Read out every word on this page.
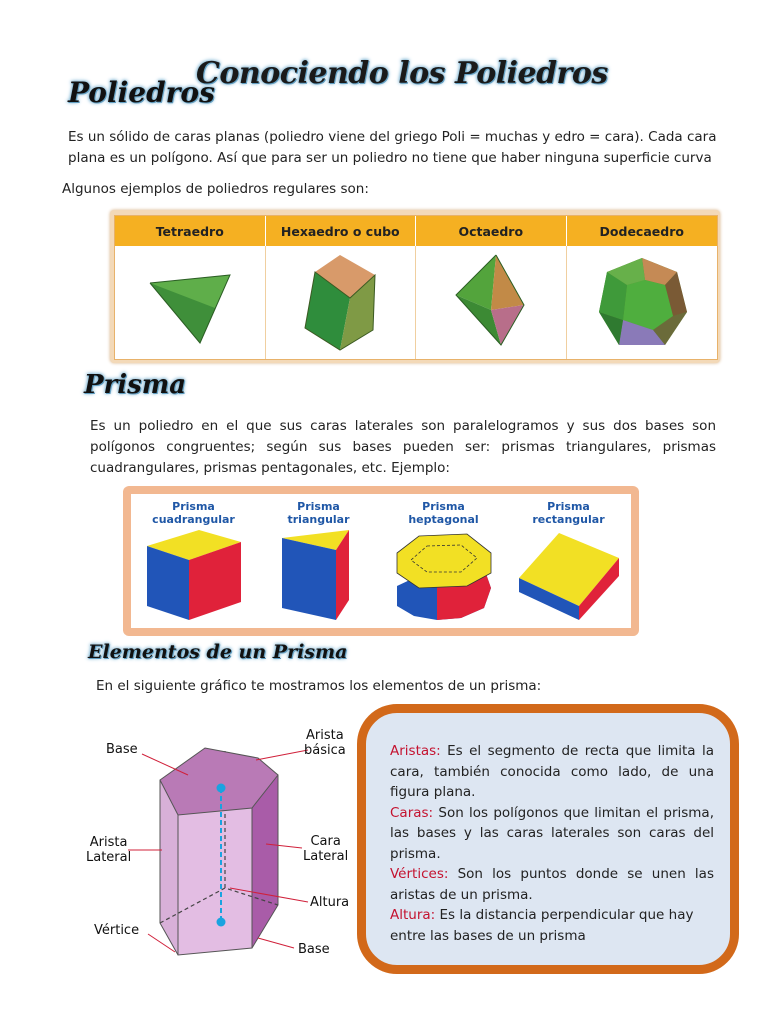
Conociendo los Poliedros
Poliedros
Es un sólido de caras planas (poliedro viene del griego Poli = muchas y edro = cara). Cada cara plana es un polígono. Así que para ser un poliedro no tiene que haber ninguna superficie curva
Algunos ejemplos de poliedros regulares son:
Tetraedro	Hexaedro o cubo	Octaedro	Dodecaedro
Prisma
Es un poliedro en el que sus caras laterales son paralelogramos y sus dos bases son polígonos congruentes; según sus bases pueden ser: prismas triangulares, prismas cuadrangulares, prismas pentagonales, etc. Ejemplo:
Prisma
cuadrangular
Prisma
triangular
Prisma
heptagonal
Prisma
rectangular
Elementos de un Prisma
En el siguiente gráfico te mostramos los elementos de un prisma:
Base
Arista
básica
Arista
Lateral
Cara
Lateral
Altura
Vértice
Base
Aristas: Es el segmento de recta que limita la cara, también conocida como lado, de una figura plana.
Caras: Son los polígonos que limitan el prisma, las bases y las caras laterales son caras del prisma.
Vértices: Son los puntos donde se unen las aristas de un prisma.
Altura: Es la distancia perpendicular que hay entre las bases de un prisma
